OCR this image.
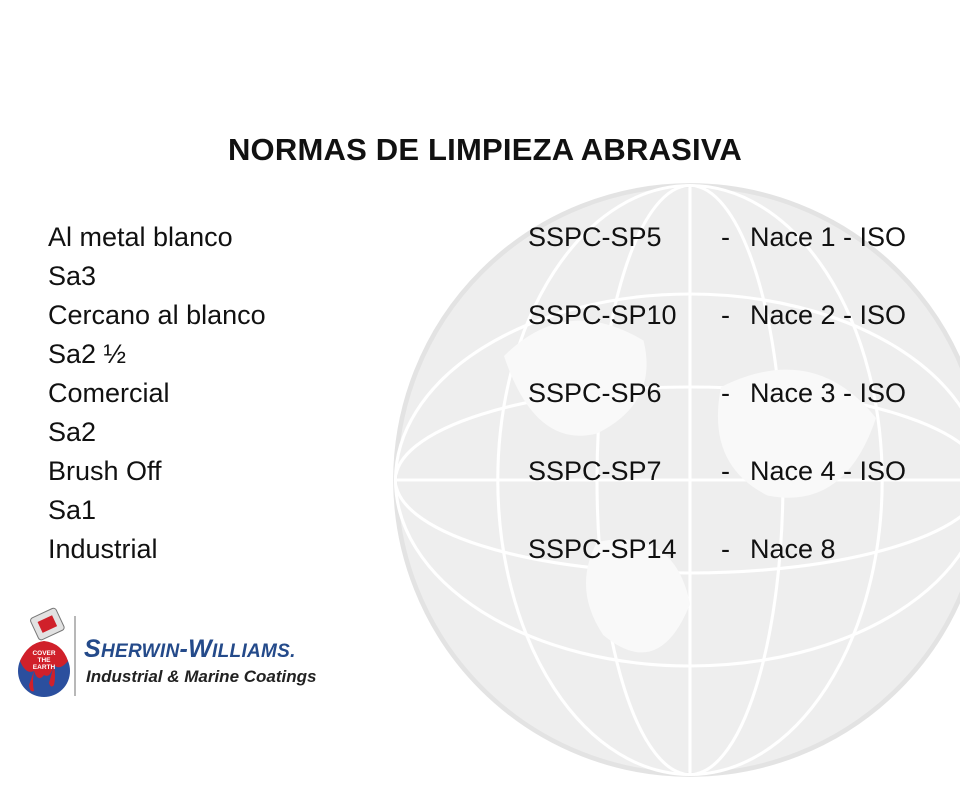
NORMAS DE LIMPIEZA ABRASIVA
Al metal blanco	SSPC-SP5 - Nace 1 - ISO
Sa3
Cercano al blanco	SSPC-SP10 - Nace 2 - ISO
Sa2 ½
Comercial	SSPC-SP6 - Nace 3 - ISO
Sa2
Brush Off	SSPC-SP7 - Nace 4 - ISO
Sa1
Industrial	SSPC-SP14 - Nace 8
COVER
THE
EARTH
SHERWIN-WILLIAMS.
Industrial & Marine Coatings
